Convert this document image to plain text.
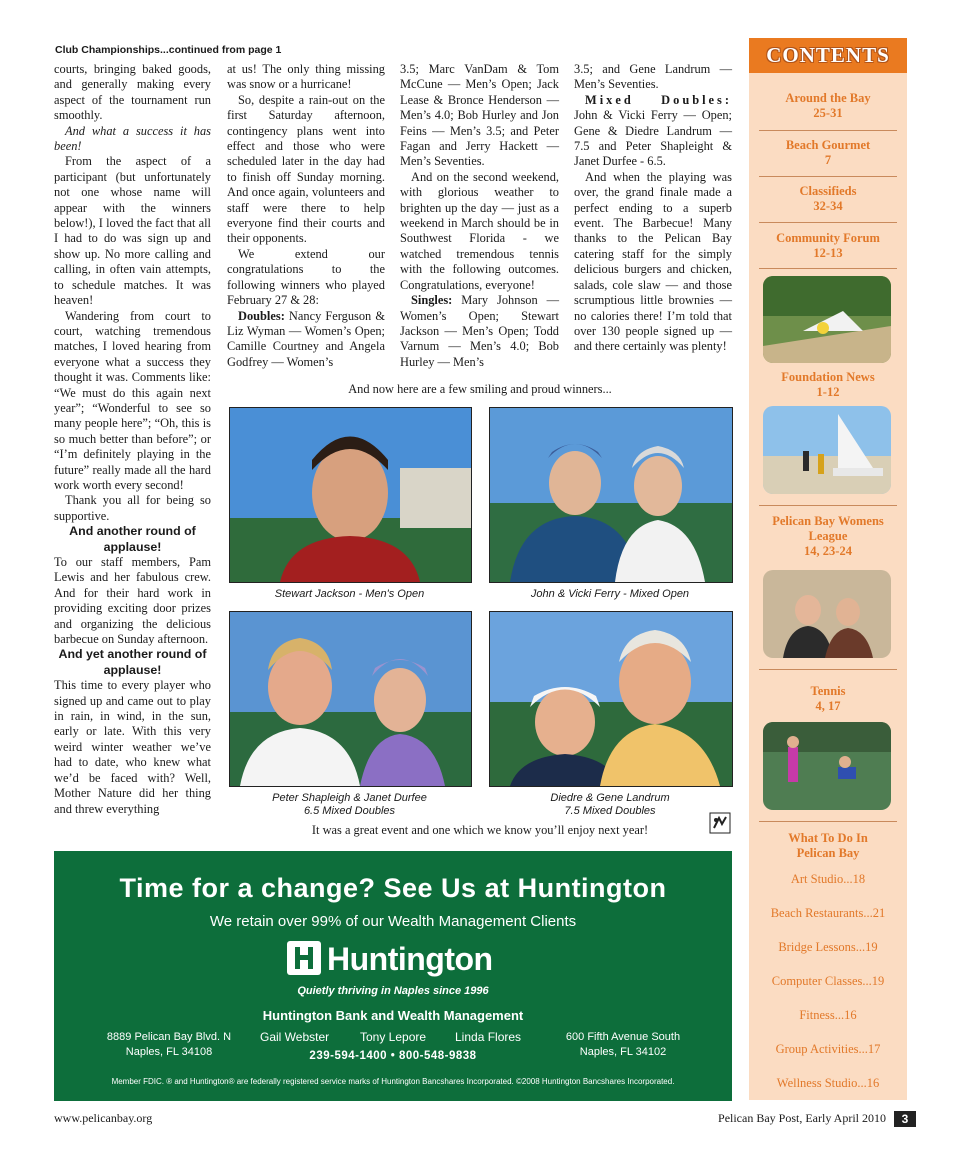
Club Championships...continued from page 1

courts, bringing baked goods, and generally making every aspect of the tournament run smoothly.

And what a success it has been!

From the aspect of a participant (but unfortunately not one whose name will appear with the winners below!), I loved the fact that all I had to do was sign up and show up. No more calling and calling, in often vain attempts, to schedule matches. It was heaven!

Wandering from court to court, watching tremendous matches, I loved hearing from everyone what a success they thought it was. Comments like: “We must do this again next year”; “Wonderful to see so many people here”; “Oh, this is so much better than before”; or “I’m definitely playing in the future” really made all the hard work worth every second!

Thank you all for being so supportive.

And another round of applause!

To our staff members, Pam Lewis and her fabulous crew. And for their hard work in providing exciting door prizes and organizing the delicious barbecue on Sunday afternoon.

And yet another round of applause!

This time to every player who signed up and came out to play in rain, in wind, in the sun, early or late. With this very weird winter weather we’ve had to date, who knew what we’d be faced with? Well, Mother Nature did her thing and threw everything

at us! The only thing missing was snow or a hurricane!

So, despite a rain-out on the first Saturday afternoon, contingency plans went into effect and those who were scheduled later in the day had to finish off Sunday morning. And once again, volunteers and staff were there to help everyone find their courts and their opponents.

We extend our congratulations to the following winners who played February 27 & 28:

Doubles: Nancy Ferguson & Liz Wyman — Women’s Open; Camille Courtney and Angela Godfrey — Women’s

3.5; Marc VanDam & Tom McCune — Men’s Open; Jack Lease & Bronce Henderson — Men’s 4.0; Bob Hurley and Jon Feins — Men’s 3.5; and Peter Fagan and Jerry Hackett — Men’s Seventies.

And on the second weekend, with glorious weather to brighten up the day — just as a weekend in March should be in Southwest Florida - we watched tremendous tennis with the following outcomes. Congratulations, everyone!

Singles: Mary Johnson — Women’s Open; Stewart Jackson — Men’s Open; Todd Varnum — Men’s 4.0; Bob Hurley — Men’s

3.5; and Gene Landrum — Men’s Seventies.

Mixed Doubles: John & Vicki Ferry — Open; Gene & Diedre Landrum — 7.5 and Peter Shapleight & Janet Durfee - 6.5.

And when the playing was over, the grand finale made a perfect ending to a superb event. The Barbecue! Many thanks to the Pelican Bay catering staff for the simply delicious burgers and chicken, salads, cole slaw — and those scrumptious little brownies — no calories there! I’m told that over 130 people signed up — and there certainly was plenty!

And now here are a few smiling and proud winners...
Stewart Jackson - Men's Open	John & Vicki Ferry - Mixed Open
Peter Shapleigh & Janet Durfee
6.5 Mixed Doubles
Diedre & Gene Landrum
7.5 Mixed Doubles
It was a great event and one which we know you’ll enjoy next year!
CONTENTS
Around the Bay
25-31
Beach Gourmet
7
Classifieds
32-34
Community Forum
12-13
Foundation News
1-12
Pelican Bay Womens League
14, 23-24
Tennis
4, 17
What To Do In Pelican Bay
Art Studio...18
Beach Restaurants...21
Bridge Lessons...19
Computer Classes...19
Fitness...16
Group Activities...17
Wellness Studio...16
Time for a change? See Us at Huntington
We retain over 99% of our Wealth Management Clients
Huntington
Quietly thriving in Naples since 1996
Huntington Bank and Wealth Management
8889 Pelican Bay Blvd. N
Naples, FL 34108
Gail Webster	Tony Lepore Linda Flores
239-594-1400 • 800-548-9838
600 Fifth Avenue South
Naples, FL 34102
Member FDIC. ® and Huntington® are federally registered service marks of Huntington Bancshares Incorporated. ©2008 Huntington Bancshares Incorporated.
www.pelicanbay.org	Pelican Bay Post, Early April 2010	3
